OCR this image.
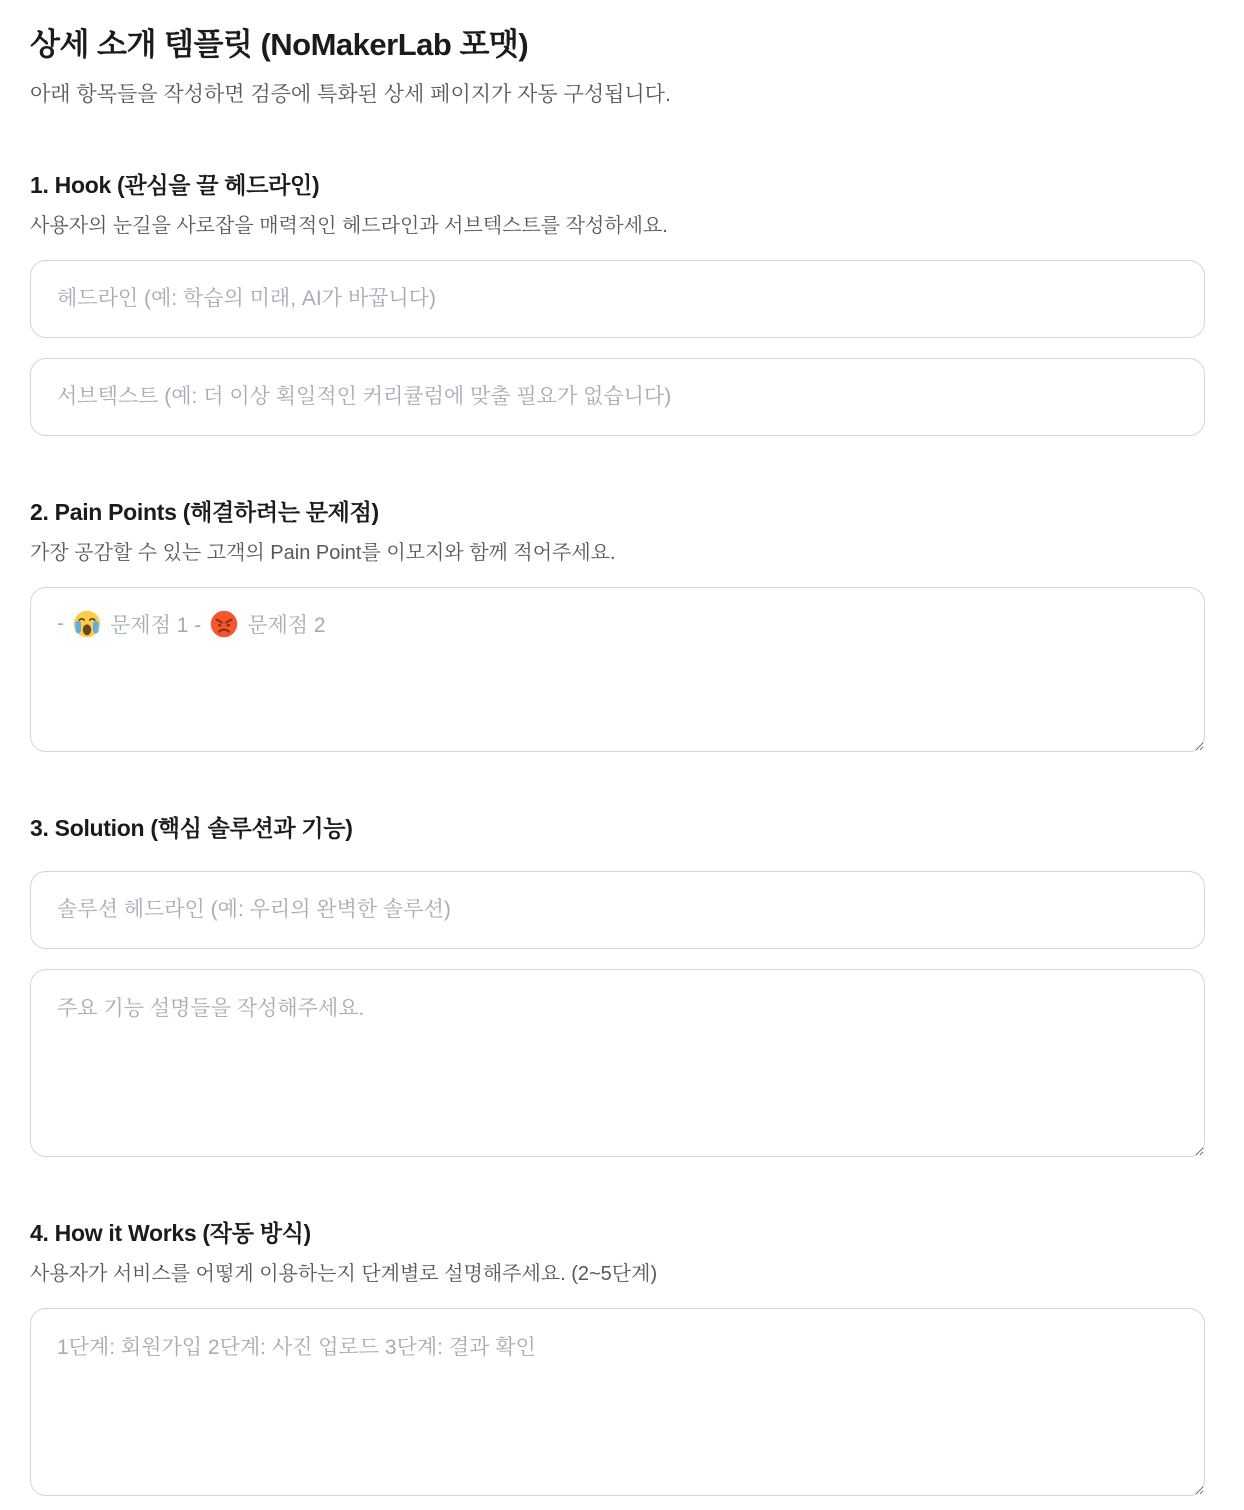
상세 소개 템플릿 (NoMakerLab 포맷)
아래 항목들을 작성하면 검증에 특화된 상세 페이지가 자동 구성됩니다.
1. Hook (관심을 끌 헤드라인)
사용자의 눈길을 사로잡을 매력적인 헤드라인과 서브텍스트를 작성하세요.
헤드라인 (예: 학습의 미래, AI가 바꿉니다)
서브텍스트 (예: 더 이상 획일적인 커리큘럼에 맞출 필요가 없습니다)
2. Pain Points (해결하려는 문제점)
가장 공감할 수 있는 고객의 Pain Point를 이모지와 함께 적어주세요.
- 문제점 1 - 문제점 2
3. Solution (핵심 솔루션과 기능)
솔루션 헤드라인 (예: 우리의 완벽한 솔루션)
주요 기능 설명들을 작성해주세요.
4. How it Works (작동 방식)
사용자가 서비스를 어떻게 이용하는지 단계별로 설명해주세요. (2~5단계)
1단계: 회원가입 2단계: 사진 업로드 3단계: 결과 확인
